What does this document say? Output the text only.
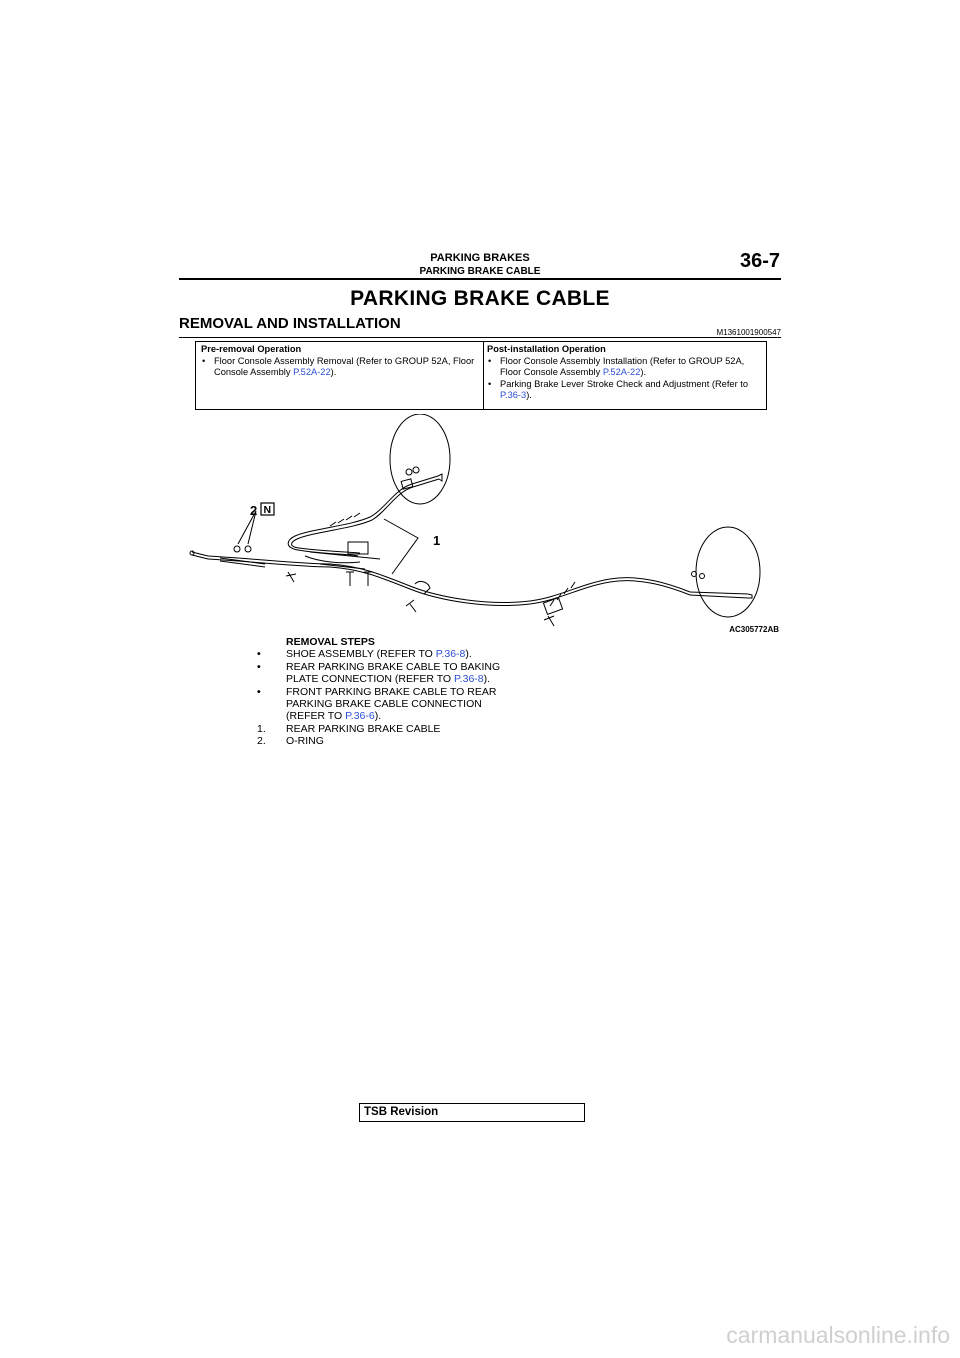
PARKING BRAKES
PARKING BRAKE CABLE	36-7
PARKING BRAKE CABLE
REMOVAL AND INSTALLATION
M1361001900547
Pre-removal Operation
• Floor Console Assembly Removal (Refer to GROUP 52A, Floor Console Assembly P.52A-22).
Post-installation Operation
• Floor Console Assembly Installation (Refer to GROUP 52A, Floor Console Assembly P.52A-22).
• Parking Brake Lever Stroke Check and Adjustment (Refer to P.36-3).
1
2 N
AC305772AB
REMOVAL STEPS
• SHOE ASSEMBLY (REFER TO P.36-8).
• REAR PARKING BRAKE CABLE TO BAKING PLATE CONNECTION (REFER TO P.36-8).
• FRONT PARKING BRAKE CABLE TO REAR PARKING BRAKE CABLE CONNECTION (REFER TO P.36-6).
1. REAR PARKING BRAKE CABLE
2. O-RING
TSB Revision
carmanualsonline.info
